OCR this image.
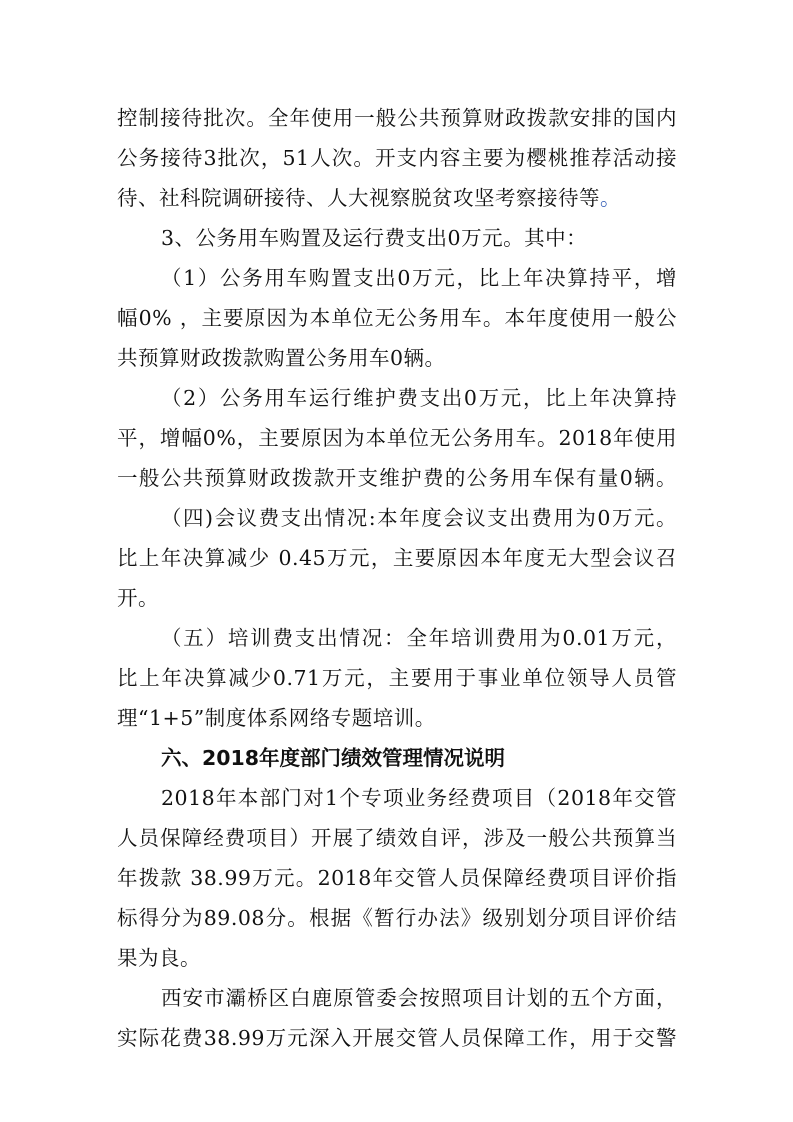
控制接待批次。全年使用一般公共预算财政拨款安排的国内
公务接待3批次，51人次。开支内容主要为樱桃推荐活动接
待、社科院调研接待、人大视察脱贫攻坚考察接待等。
3、公务用车购置及运行费支出0万元。其中：
（1）公务用车购置支出0万元，比上年决算持平，增
幅0% ，主要原因为本单位无公务用车。本年度使用一般公
共预算财政拨款购置公务用车0辆。
（2）公务用车运行维护费支出0万元，比上年决算持
平，增幅0%，主要原因为本单位无公务用车。2018年使用
一般公共预算财政拨款开支维护费的公务用车保有量0辆。
（四)会议费支出情况:本年度会议支出费用为0万元。
比上年决算减少 0.45万元，主要原因本年度无大型会议召
开。
（五）培训费支出情况：全年培训费用为0.01万元，
比上年决算减少0.71万元，主要用于事业单位领导人员管
理“1+5”制度体系网络专题培训。
六、2018年度部门绩效管理情况说明
2018年本部门对1个专项业务经费项目（2018年交管
人员保障经费项目）开展了绩效自评，涉及一般公共预算当
年拨款 38.99万元。2018年交管人员保障经费项目评价指
标得分为89.08分。根据《暂行办法》级别划分项目评价结
果为良。
西安市灞桥区白鹿原管委会按照项目计划的五个方面，
实际花费38.99万元深入开展交管人员保障工作，用于交警
